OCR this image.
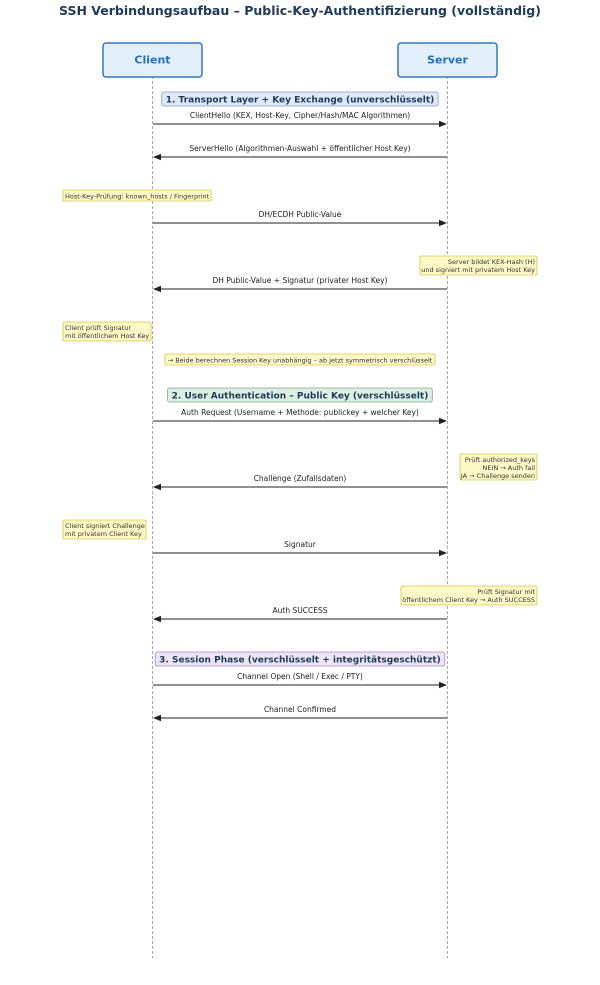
SSH Verbindungsaufbau – Public-Key-Authentifizierung (vollständig)
Client	Server
1. Transport Layer + Key Exchange (unverschlüsselt)
2. User Authentication – Public Key (verschlüsselt)
3. Session Phase (verschlüsselt + integritätsgeschützt)
ClientHello (KEX, Host-Key, Cipher/Hash/MAC Algorithmen)
ServerHello (Algorithmen-Auswahl + öffentlicher Host Key)
DH/ECDH Public-Value
DH Public-Value + Signatur (privater Host Key)
Auth Request (Username + Methode: publickey + welcher Key)
Challenge (Zufallsdaten)
Signatur
Auth SUCCESS
Channel Open (Shell / Exec / PTY)
Channel Confirmed
Host-Key-Prüfung: known_hosts / Fingerprint
Server bildet KEX-Hash (H)
und signiert mit privatem Host Key
Client prüft Signatur
mit öffentlichem Host Key
→ Beide berechnen Session Key unabhängig – ab jetzt symmetrisch verschlüsselt
Prüft authorized_keys
NEIN → Auth fail
JA → Challenge senden
Client signiert Challenge
mit privatem Client Key
Prüft Signatur mit
öffentlichem Client Key → Auth SUCCESS
